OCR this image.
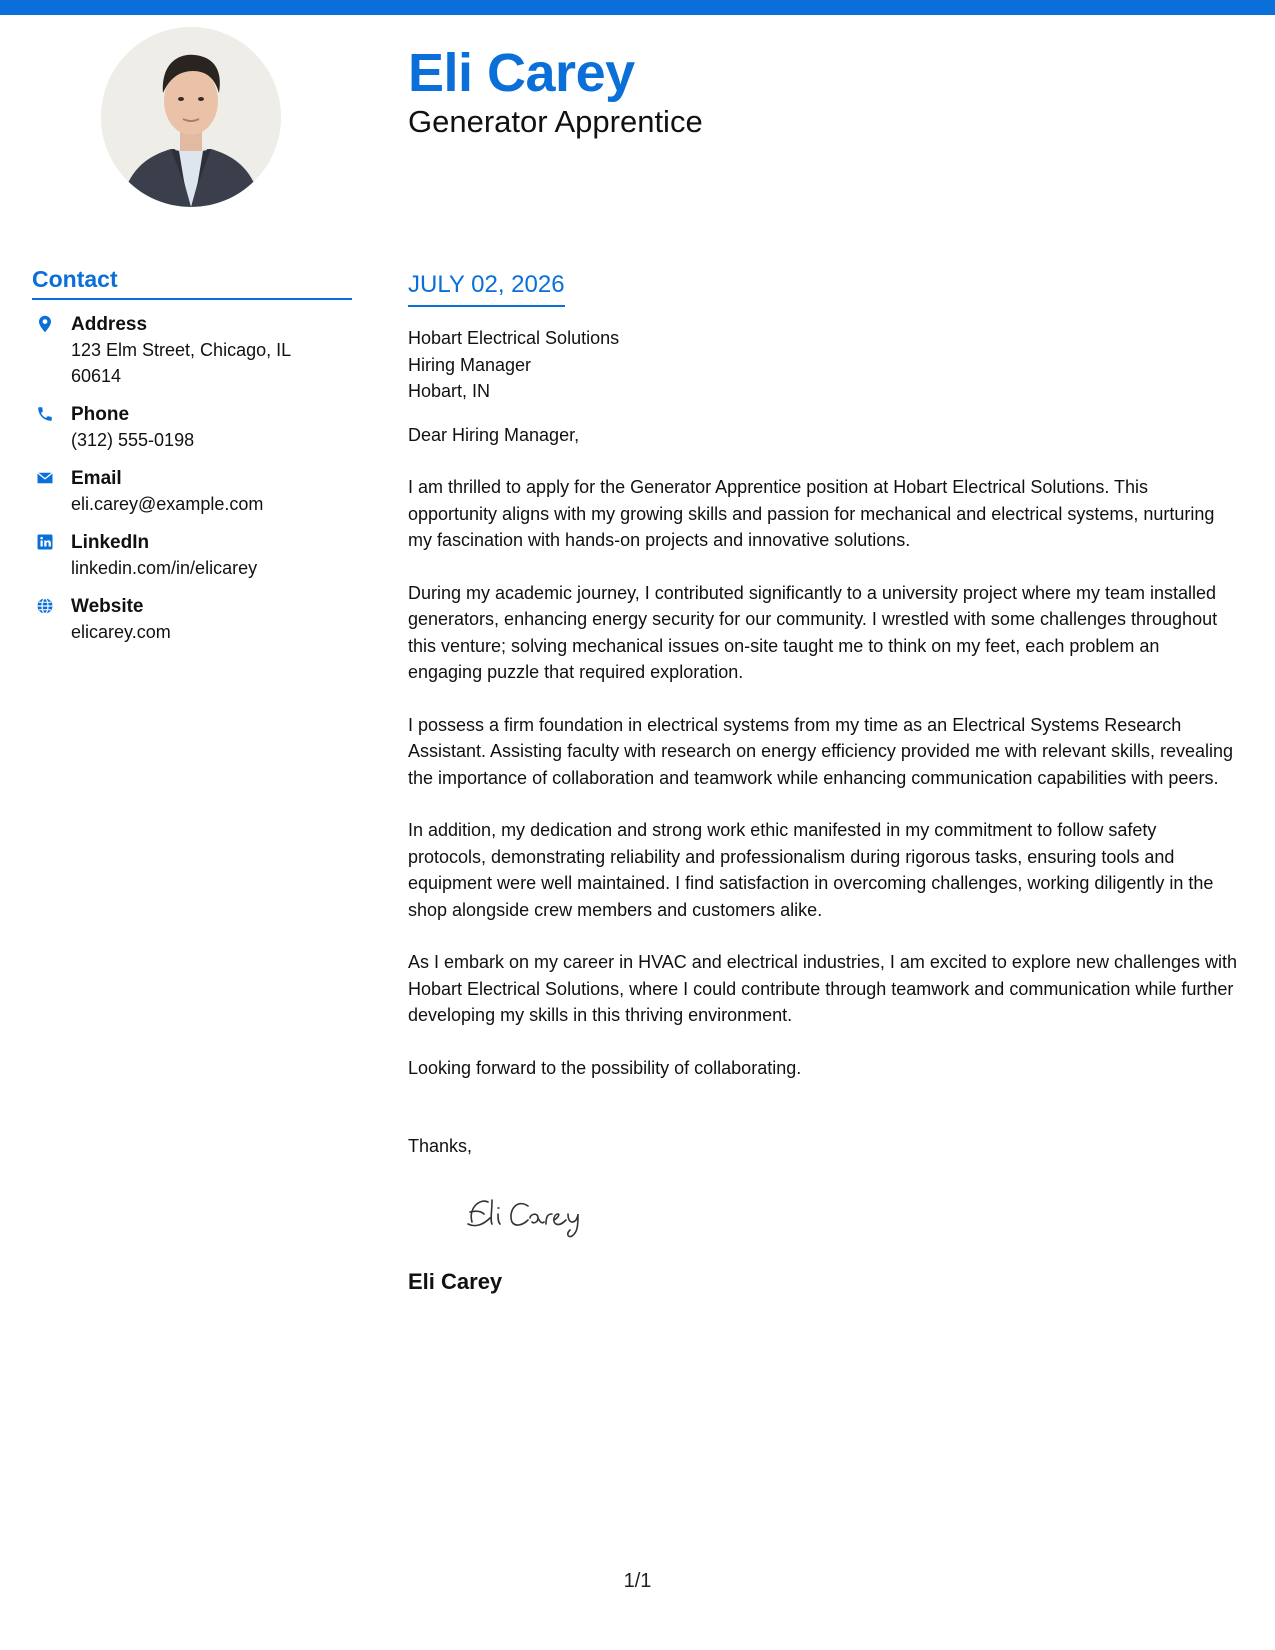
Eli Carey
Generator Apprentice
Contact
Address
123 Elm Street, Chicago, IL 60614
Phone
(312) 555-0198
Email
eli.carey@example.com
LinkedIn
linkedin.com/in/elicarey
Website
elicarey.com
JULY 02, 2026
Hobart Electrical Solutions
Hiring Manager
Hobart, IN

Dear Hiring Manager,

I am thrilled to apply for the Generator Apprentice position at Hobart Electrical Solutions. This opportunity aligns with my growing skills and passion for mechanical and electrical systems, nurturing my fascination with hands-on projects and innovative solutions.

During my academic journey, I contributed significantly to a university project where my team installed generators, enhancing energy security for our community. I wrestled with some challenges throughout this venture; solving mechanical issues on-site taught me to think on my feet, each problem an engaging puzzle that required exploration.

I possess a firm foundation in electrical systems from my time as an Electrical Systems Research Assistant. Assisting faculty with research on energy efficiency provided me with relevant skills, revealing the importance of collaboration and teamwork while enhancing communication capabilities with peers.

In addition, my dedication and strong work ethic manifested in my commitment to follow safety protocols, demonstrating reliability and professionalism during rigorous tasks, ensuring tools and equipment were well maintained. I find satisfaction in overcoming challenges, working diligently in the shop alongside crew members and customers alike.

As I embark on my career in HVAC and electrical industries, I am excited to explore new challenges with Hobart Electrical Solutions, where I could contribute through teamwork and communication while further developing my skills in this thriving environment.

Looking forward to the possibility of collaborating.

Thanks,

Eli Carey
1/1
